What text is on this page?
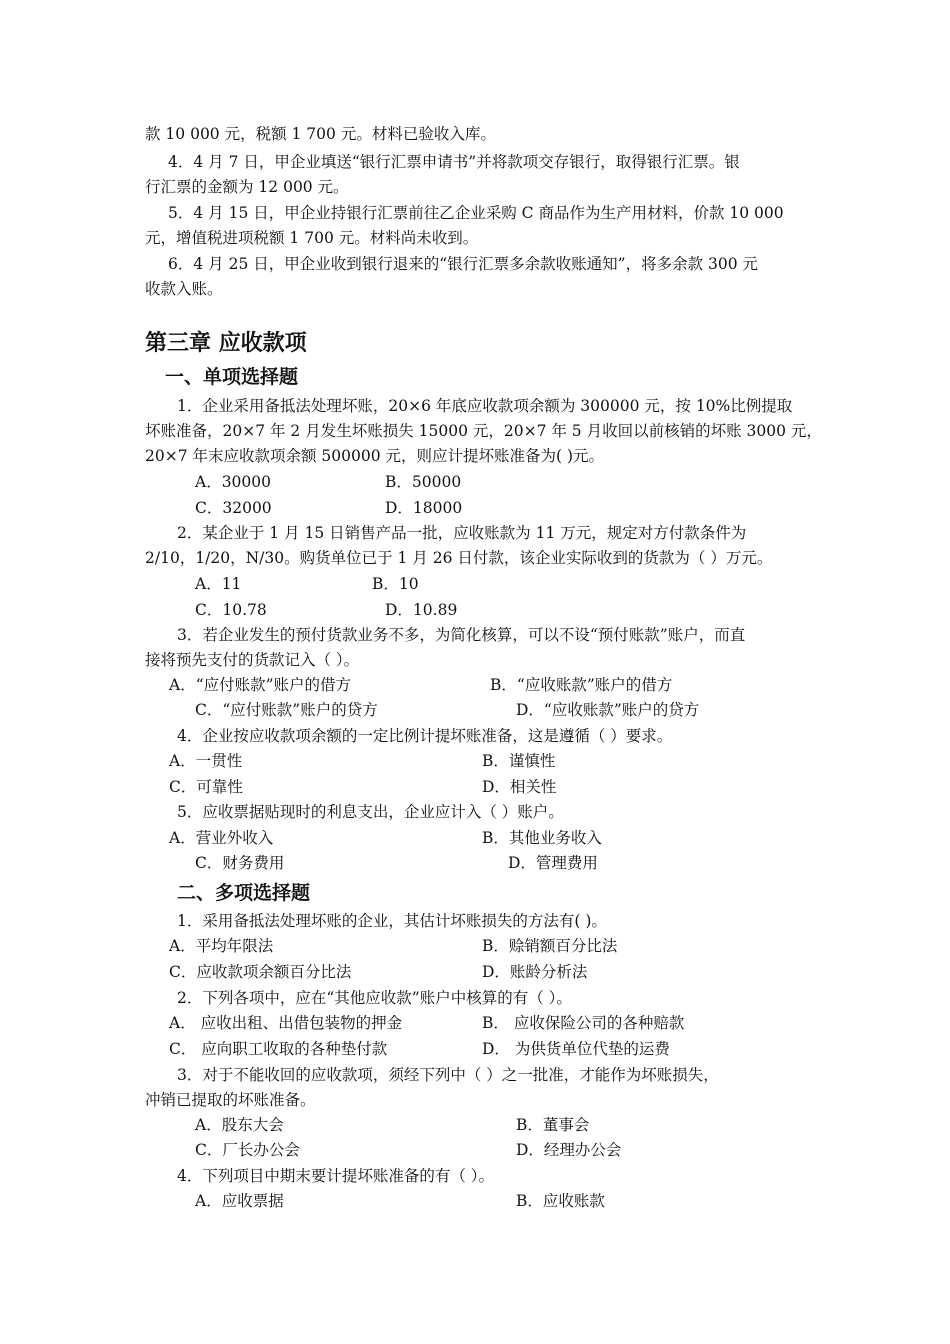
款 10 000 元，税额 1 700 元。材料已验收入库。
4．4 月 7 日，甲企业填送“银行汇票申请书”并将款项交存银行，取得银行汇票。银
行汇票的金额为 12 000 元。
5．4 月 15 日，甲企业持银行汇票前往乙企业采购 C 商品作为生产用材料，价款 10 000
元，增值税进项税额 1 700 元。材料尚未收到。
6．4 月 25 日，甲企业收到银行退来的“银行汇票多余款收账通知”，将多余款 300 元
收款入账。
第三章 应收款项
一、单项选择题
1．企业采用备抵法处理坏账，20×6 年底应收款项余额为 300000 元，按 10%比例提取
坏账准备，20×7 年 2 月发生坏账损失 15000 元，20×7 年 5 月收回以前核销的坏账 3000 元，
20×7 年末应收款项余额 500000 元，则应计提坏账准备为( )元。
A．30000	B．50000
C．32000	D．18000
2．某企业于 1 月 15 日销售产品一批，应收账款为 11 万元，规定对方付款条件为
2/10，1/20，N/30。购货单位已于 1 月 26 日付款，该企业实际收到的货款为（ ）万元。
A．11	B．10
C．10.78	D．10.89
3．若企业发生的预付货款业务不多，为简化核算，可以不设“预付账款”账户，而直
接将预先支付的货款记入（ ）。
A．“应付账款”账户的借方	B．“应收账款”账户的借方
C．“应付账款”账户的贷方	D．“应收账款”账户的贷方
4．企业按应收款项余额的一定比例计提坏账准备，这是遵循（ ）要求。
A．一贯性	B．谨慎性
C．可靠性	D．相关性
5．应收票据贴现时的利息支出，企业应计入（ ）账户。
A．营业外收入	B．其他业务收入
C．财务费用	D．管理费用
二、多项选择题
1．采用备抵法处理坏账的企业，其估计坏账损失的方法有( )。
A．平均年限法	B．赊销额百分比法
C．应收款项余额百分比法	D．账龄分析法
2．下列各项中，应在“其他应收款”账户中核算的有（ ）。
A． 应收出租、出借包装物的押金	B． 应收保险公司的各种赔款
C． 应向职工收取的各种垫付款	D． 为供货单位代垫的运费
3．对于不能收回的应收款项，须经下列中（ ）之一批准，才能作为坏账损失，
冲销已提取的坏账准备。
A．股东大会	B．董事会
C．厂长办公会	D．经理办公会
4．下列项目中期末要计提坏账准备的有（ ）。
A．应收票据	B．应收账款
